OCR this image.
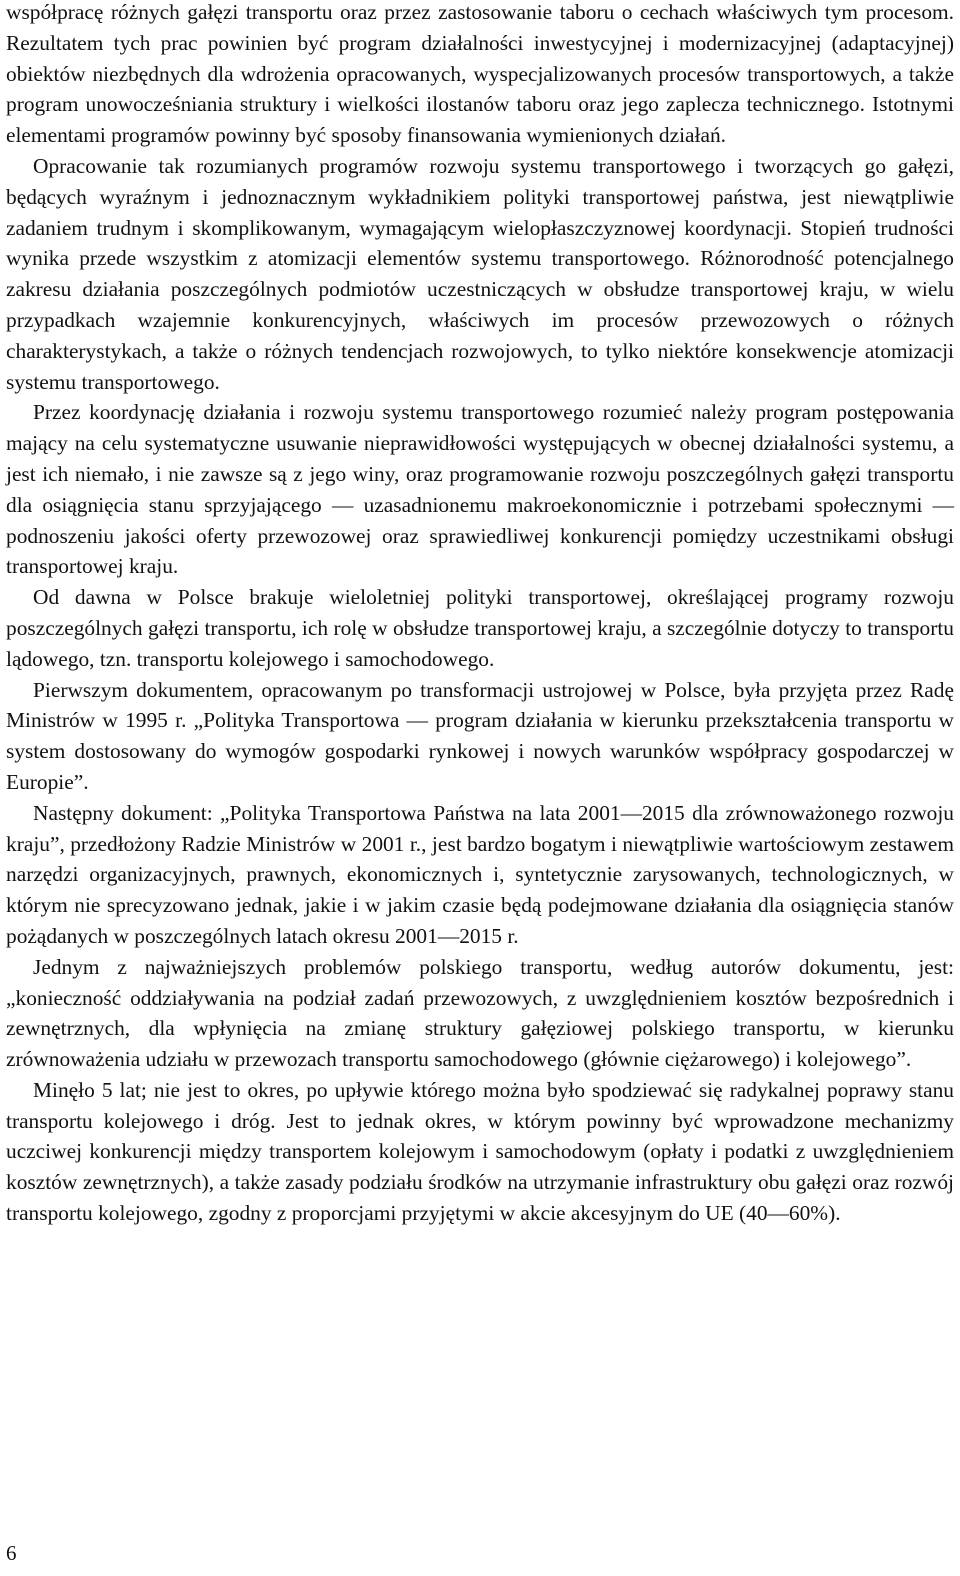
współpracę różnych gałęzi transportu oraz przez zastosowanie taboru o cechach właściwych tym procesom. Rezultatem tych prac powinien być program działalności inwestycyjnej i modernizacyjnej (adaptacyjnej) obiektów niezbędnych dla wdrożenia opracowanych, wyspecjalizowanych procesów transportowych, a także program unowocześniania struktury i wielkości ilostanów taboru oraz jego zaplecza technicznego. Istotnymi elementami programów powinny być sposoby finansowania wymienionych działań.

Opracowanie tak rozumianych programów rozwoju systemu transportowego i tworzących go gałęzi, będących wyraźnym i jednoznacznym wykładnikiem polityki transportowej państwa, jest niewątpliwie zadaniem trudnym i skomplikowanym, wymagającym wielopłaszczyznowej koordynacji. Stopień trudności wynika przede wszystkim z atomizacji elementów systemu transportowego. Różnorodność potencjalnego zakresu działania poszczególnych podmiotów uczestniczących w obsłudze transportowej kraju, w wielu przypadkach wzajemnie konkurencyjnych, właściwych im procesów przewozowych o różnych charakterystykach, a także o różnych tendencjach rozwojowych, to tylko niektóre konsekwencje atomizacji systemu transportowego.

Przez koordynację działania i rozwoju systemu transportowego rozumieć należy program postępowania mający na celu systematyczne usuwanie nieprawidłowości występujących w obecnej działalności systemu, a jest ich niemało, i nie zawsze są z jego winy, oraz programowanie rozwoju poszczególnych gałęzi transportu dla osiągnięcia stanu sprzyjającego — uzasadnionemu makroekonomicznie i potrzebami społecznymi — podnoszeniu jakości oferty przewozowej oraz sprawiedliwej konkurencji pomiędzy uczestnikami obsługi transportowej kraju.

Od dawna w Polsce brakuje wieloletniej polityki transportowej, określającej programy rozwoju poszczególnych gałęzi transportu, ich rolę w obsłudze transportowej kraju, a szczególnie dotyczy to transportu lądowego, tzn. transportu kolejowego i samochodowego.

Pierwszym dokumentem, opracowanym po transformacji ustrojowej w Polsce, była przyjęta przez Radę Ministrów w 1995 r. „Polityka Transportowa — program działania w kierunku przekształcenia transportu w system dostosowany do wymogów gospodarki rynkowej i nowych warunków współpracy gospodarczej w Europie”.

Następny dokument: „Polityka Transportowa Państwa na lata 2001—2015 dla zrównoważonego rozwoju kraju”, przedłożony Radzie Ministrów w 2001 r., jest bardzo bogatym i niewątpliwie wartościowym zestawem narzędzi organizacyjnych, prawnych, ekonomicznych i, syntetycznie zarysowanych, technologicznych, w którym nie sprecyzowano jednak, jakie i w jakim czasie będą podejmowane działania dla osiągnięcia stanów pożądanych w poszczególnych latach okresu 2001—2015 r.

Jednym z najważniejszych problemów polskiego transportu, według autorów dokumentu, jest: „konieczność oddziaływania na podział zadań przewozowych, z uwzględnieniem kosztów bezpośrednich i zewnętrznych, dla wpłynięcia na zmianę struktury gałęziowej polskiego transportu, w kierunku zrównoważenia udziału w przewozach transportu samochodowego (głównie ciężarowego) i kolejowego”.

Minęło 5 lat; nie jest to okres, po upływie którego można było spodziewać się radykalnej poprawy stanu transportu kolejowego i dróg. Jest to jednak okres, w którym powinny być wprowadzone mechanizmy uczciwej konkurencji między transportem kolejowym i samochodowym (opłaty i podatki z uwzględnieniem kosztów zewnętrznych), a także zasady podziału środków na utrzymanie infrastruktury obu gałęzi oraz rozwój transportu kolejowego, zgodny z proporcjami przyjętymi w akcie akcesyjnym do UE (40—60%).

6
